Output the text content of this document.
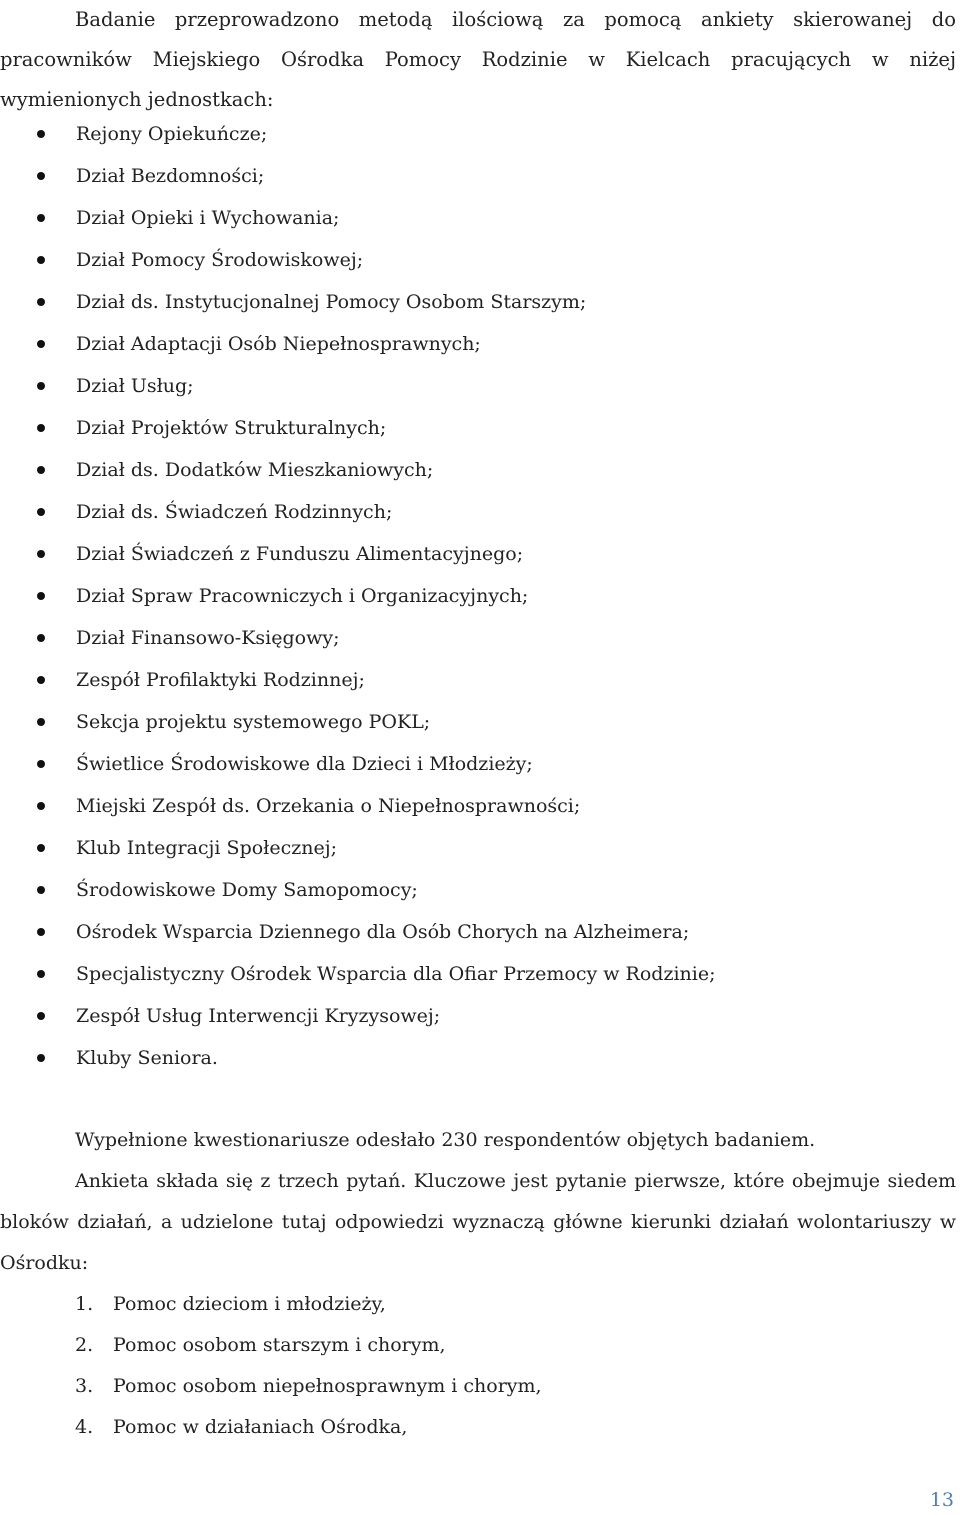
Badanie przeprowadzono metodą ilościową za pomocą ankiety skierowanej do pracowników Miejskiego Ośrodka Pomocy Rodzinie w Kielcach pracujących w niżej wymienionych jednostkach:
Rejony Opiekuńcze;
Dział Bezdomności;
Dział Opieki i Wychowania;
Dział Pomocy Środowiskowej;
Dział ds. Instytucjonalnej Pomocy Osobom Starszym;
Dział Adaptacji Osób Niepełnosprawnych;
Dział Usług;
Dział Projektów Strukturalnych;
Dział ds. Dodatków Mieszkaniowych;
Dział ds. Świadczeń Rodzinnych;
Dział Świadczeń z Funduszu Alimentacyjnego;
Dział Spraw Pracowniczych i Organizacyjnych;
Dział Finansowo-Księgowy;
Zespół Profilaktyki Rodzinnej;
Sekcja projektu systemowego POKL;
Świetlice Środowiskowe dla Dzieci i Młodzieży;
Miejski Zespół ds. Orzekania o Niepełnosprawności;
Klub Integracji Społecznej;
Środowiskowe Domy Samopomocy;
Ośrodek Wsparcia Dziennego dla Osób Chorych na Alzheimera;
Specjalistyczny Ośrodek Wsparcia dla Ofiar Przemocy w Rodzinie;
Zespół Usług Interwencji Kryzysowej;
Kluby Seniora.
Wypełnione kwestionariusze odesłało 230 respondentów objętych badaniem.
Ankieta składa się z trzech pytań. Kluczowe jest pytanie pierwsze, które obejmuje siedem bloków działań, a udzielone tutaj odpowiedzi wyznaczą główne kierunki działań wolontariuszy w Ośrodku:
1. Pomoc dzieciom i młodzieży,
2. Pomoc osobom starszym i chorym,
3. Pomoc osobom niepełnosprawnym i chorym,
4. Pomoc w działaniach Ośrodka,
13
